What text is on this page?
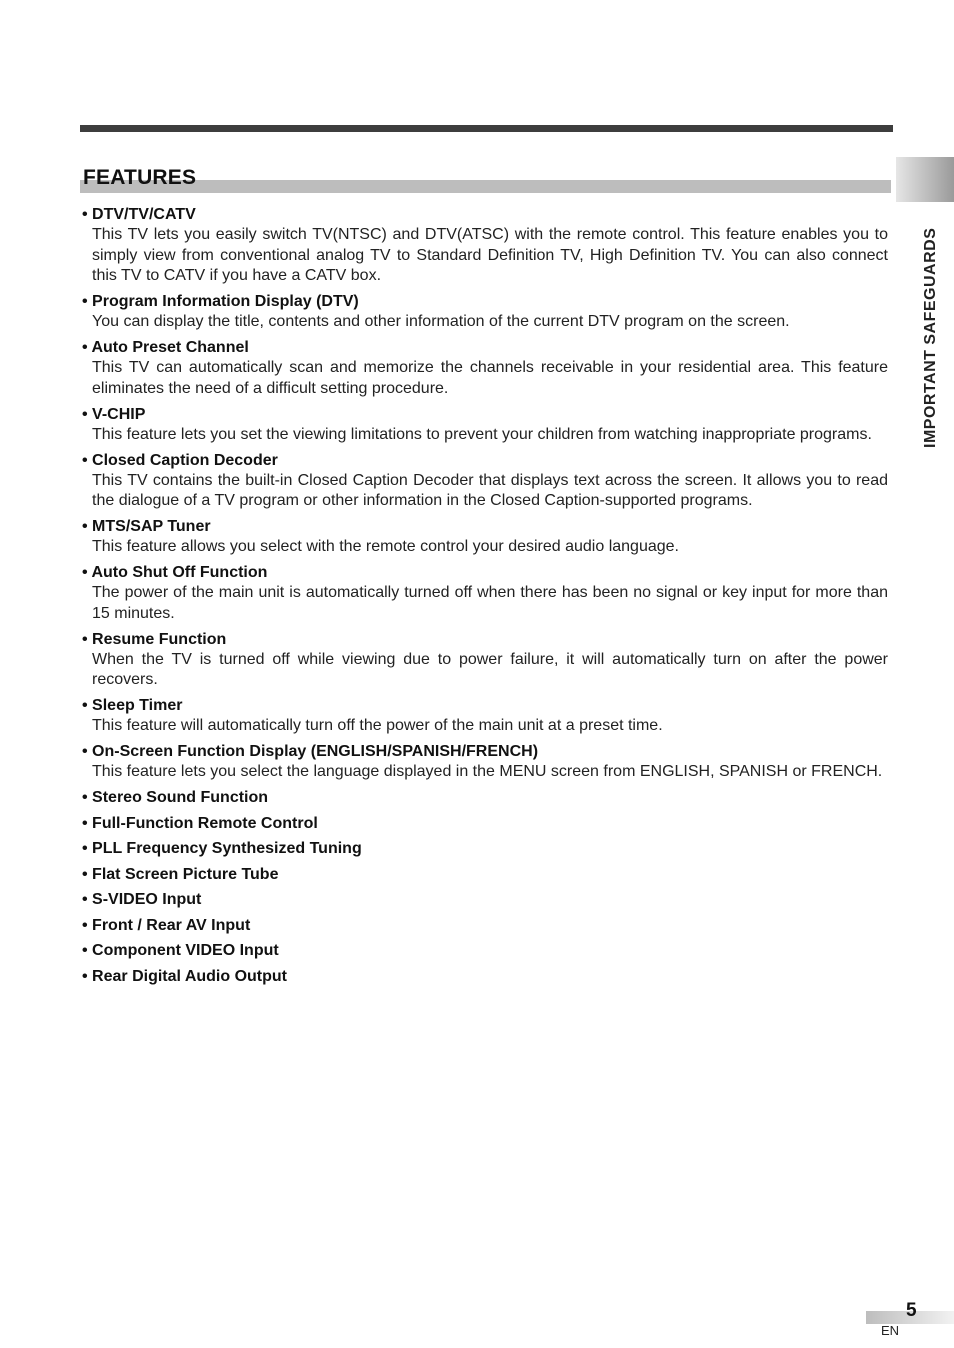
FEATURES
IMPORTANT SAFEGUARDS
• DTV/TV/CATV
This TV lets you easily switch TV(NTSC) and DTV(ATSC) with the remote control. This feature enables you to simply view from conventional analog TV to Standard Definition TV, High Definition TV. You can also connect this TV to CATV if you have a CATV box.
• Program Information Display (DTV)
You can display the title, contents and other information of the current DTV program on the screen.
• Auto Preset Channel
This TV can automatically scan and memorize the channels receivable in your residential area. This feature eliminates the need of a difficult setting procedure.
• V-CHIP
This feature lets you set the viewing limitations to prevent your children from watching inappropriate programs.
• Closed Caption Decoder
This TV contains the built-in Closed Caption Decoder that displays text across the screen. It allows you to read the dialogue of a TV program or other information in the Closed Caption-supported programs.
• MTS/SAP Tuner
This feature allows you select with the remote control your desired audio language.
• Auto Shut Off Function
The power of the main unit is automatically turned off when there has been no signal or key input for more than 15 minutes.
• Resume Function
When the TV is turned off while viewing due to power failure, it will automatically turn on after the power recovers.
• Sleep Timer
This feature will automatically turn off the power of the main unit at a preset time.
• On-Screen Function Display (ENGLISH/SPANISH/FRENCH)
This feature lets you select the language displayed in the MENU screen from ENGLISH, SPANISH or FRENCH.
• Stereo Sound Function
• Full-Function Remote Control
• PLL Frequency Synthesized Tuning
• Flat Screen Picture Tube
• S-VIDEO Input
• Front / Rear AV Input
• Component VIDEO Input
• Rear Digital Audio Output
5
EN
